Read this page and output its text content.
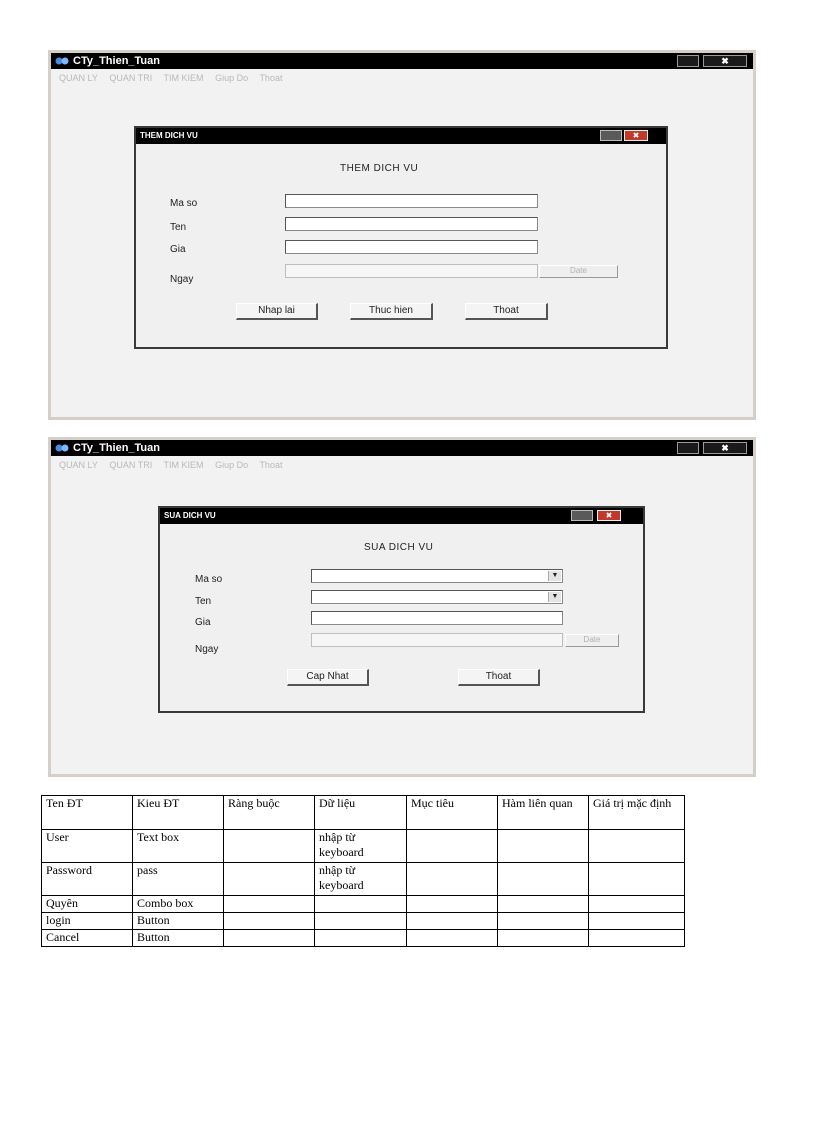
CTy_Thien_Tuan	✖
QUAN LY QUAN TRI TIM KIEM Giup Do Thoat
THEM DICH VU	✖
THEM DICH VU
Ma so
Ten
Gia
Ngay
Date
Nhap lai	Thuc hien	Thoat
CTy_Thien_Tuan	✖
QUAN LY QUAN TRI TIM KIEM Giup Do Thoat
SUA DICH VU	✖
SUA DICH VU
Ma so
Ten
Gia
Ngay
▼
▼
Date
Cap Nhat	Thoat
Ten ĐT	Kieu ĐT	Ràng buộc	Dữ liệu	Mục tiêu	Hàm liên quan	Giá trị mặc định
User	Text box		nhập từ keyboard			
Password	pass		nhập từ keyboard			
Quyên	Combo box					
login	Button					
Cancel	Button					
